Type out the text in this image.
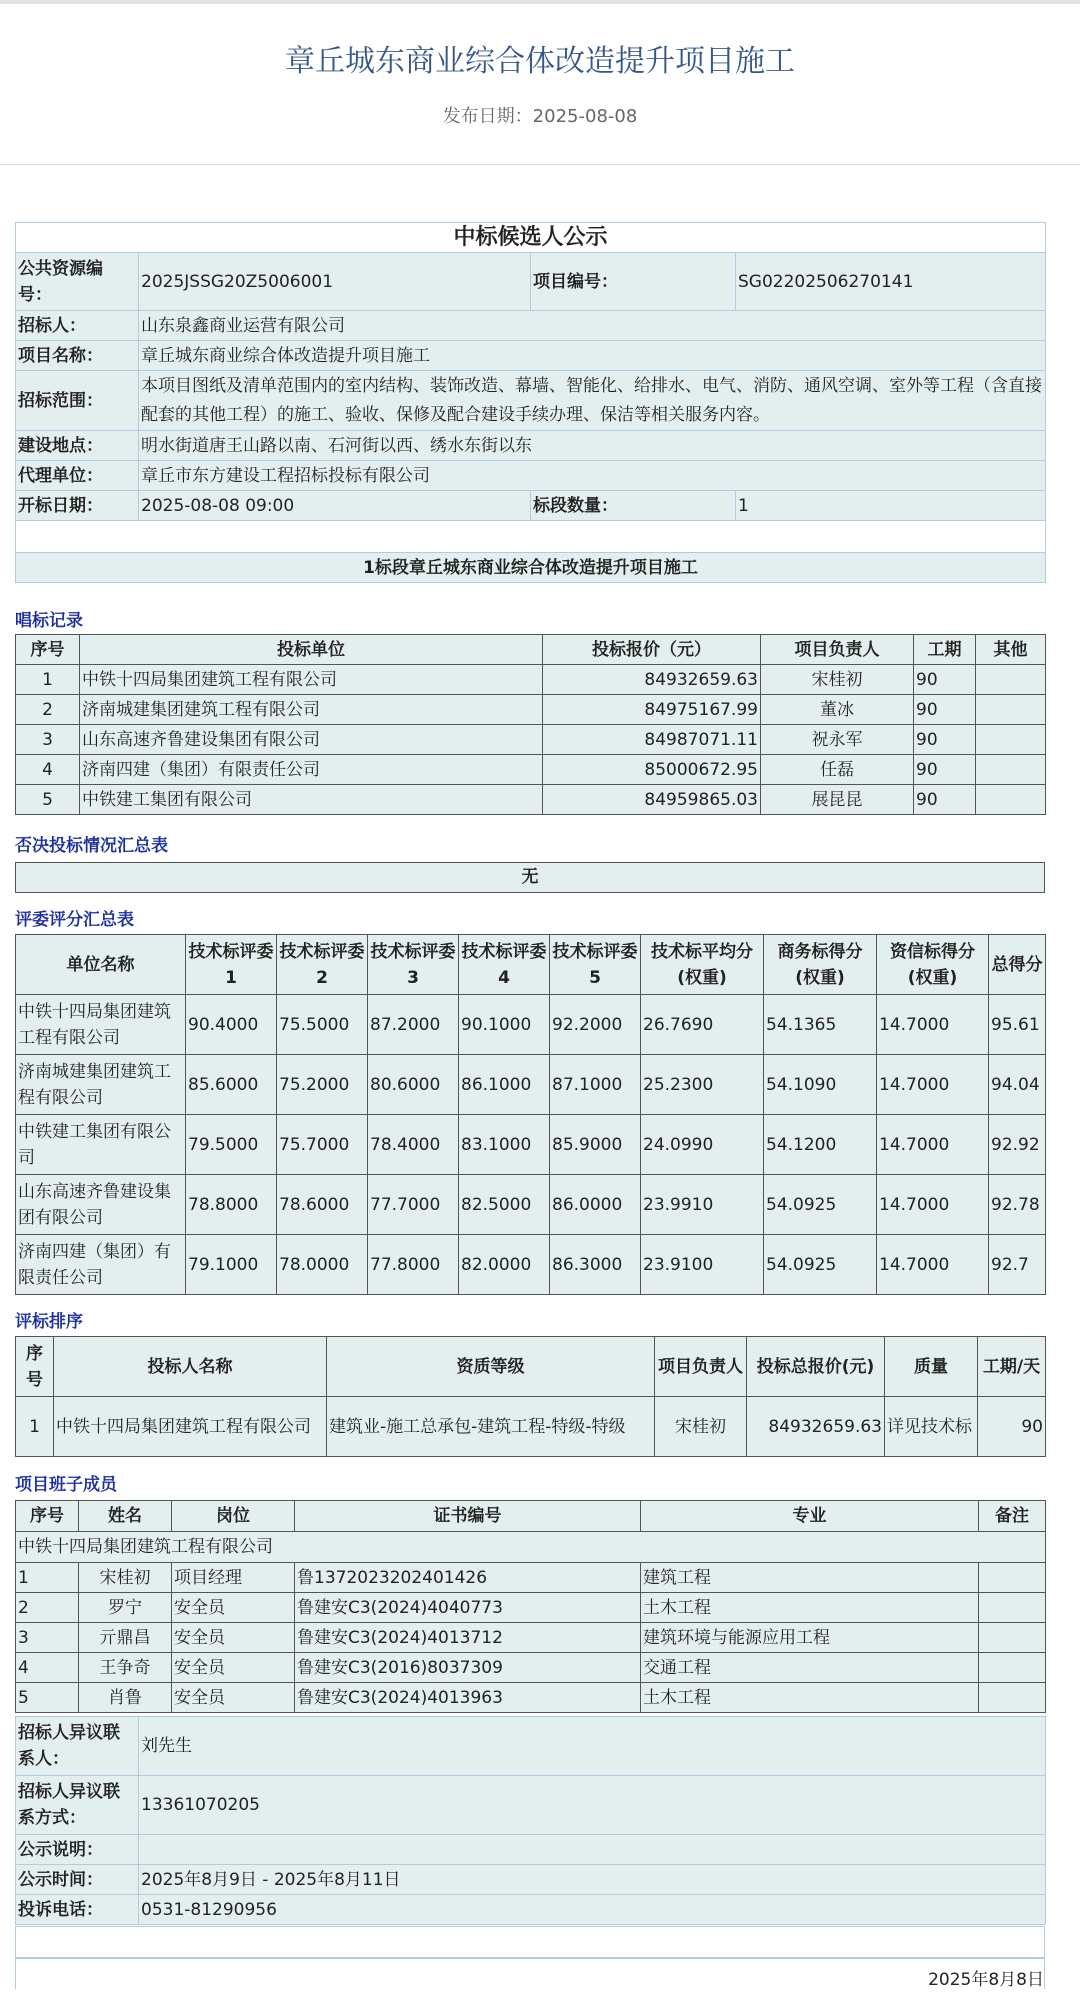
章丘城东商业综合体改造提升项目施工
发布日期：2025-08-08
中标候选人公示			
公共资源编号：	2025JSSG20Z5006001	项目编号：	SG02202506270141
招标人：	山东泉鑫商业运营有限公司		
项目名称：	章丘城东商业综合体改造提升项目施工		
招标范围：	本项目图纸及清单范围内的室内结构、装饰改造、幕墙、智能化、给排水、电气、消防、通风空调、室外等工程（含直接配套的其他工程）的施工、验收、保修及配合建设手续办理、保洁等相关服务内容。		
建设地点：	明水街道唐王山路以南、石河街以西、绣水东街以东		
代理单位：	章丘市东方建设工程招标投标有限公司		
开标日期：	2025-08-08 09:00	标段数量：	1

1标段章丘城东商业综合体改造提升项目施工			
唱标记录
序号	投标单位	投标报价（元）	项目负责人	工期	其他
1	中铁十四局集团建筑工程有限公司	84932659.63	宋桂初	90	
2	济南城建集团建筑工程有限公司	84975167.99	董冰	90	
3	山东高速齐鲁建设集团有限公司	84987071.11	祝永军	90	
4	济南四建（集团）有限责任公司	85000672.95	任磊	90	
5	中铁建工集团有限公司	84959865.03	展昆昆	90	
否决投标情况汇总表
无
评委评分汇总表
单位名称	技术标评委1	技术标评委2	技术标评委3	技术标评委4	技术标评委5	技术标平均分(权重)	商务标得分(权重)	资信标得分(权重)	总得分
中铁十四局集团建筑工程有限公司	90.4000	75.5000	87.2000	90.1000	92.2000	26.7690	54.1365	14.7000	95.61
济南城建集团建筑工程有限公司	85.6000	75.2000	80.6000	86.1000	87.1000	25.2300	54.1090	14.7000	94.04
中铁建工集团有限公司	79.5000	75.7000	78.4000	83.1000	85.9000	24.0990	54.1200	14.7000	92.92
山东高速齐鲁建设集团有限公司	78.8000	78.6000	77.7000	82.5000	86.0000	23.9910	54.0925	14.7000	92.78
济南四建（集团）有限责任公司	79.1000	78.0000	77.8000	82.0000	86.3000	23.9100	54.0925	14.7000	92.7
评标排序
序号	投标人名称	资质等级	项目负责人	投标总报价(元)	质量	工期/天
1	中铁十四局集团建筑工程有限公司	建筑业-施工总承包-建筑工程-特级-特级	宋桂初	84932659.63	详见技术标	90
项目班子成员
序号	姓名	岗位	证书编号	专业	备注
中铁十四局集团建筑工程有限公司					
1	宋桂初	项目经理	鲁1372023202401426	建筑工程	
2	罗宁	安全员	鲁建安C3(2024)4040773	土木工程	
3	亓鼎昌	安全员	鲁建安C3(2024)4013712	建筑环境与能源应用工程	
4	王争奇	安全员	鲁建安C3(2016)8037309	交通工程	
5	肖鲁	安全员	鲁建安C3(2024)4013963	土木工程	
招标人异议联系人：	刘先生
招标人异议联系方式：	13361070205
公示说明：	
公示时间：	2025年8月9日 - 2025年8月11日
投诉电话：	0531-81290956
2025年8月8日
